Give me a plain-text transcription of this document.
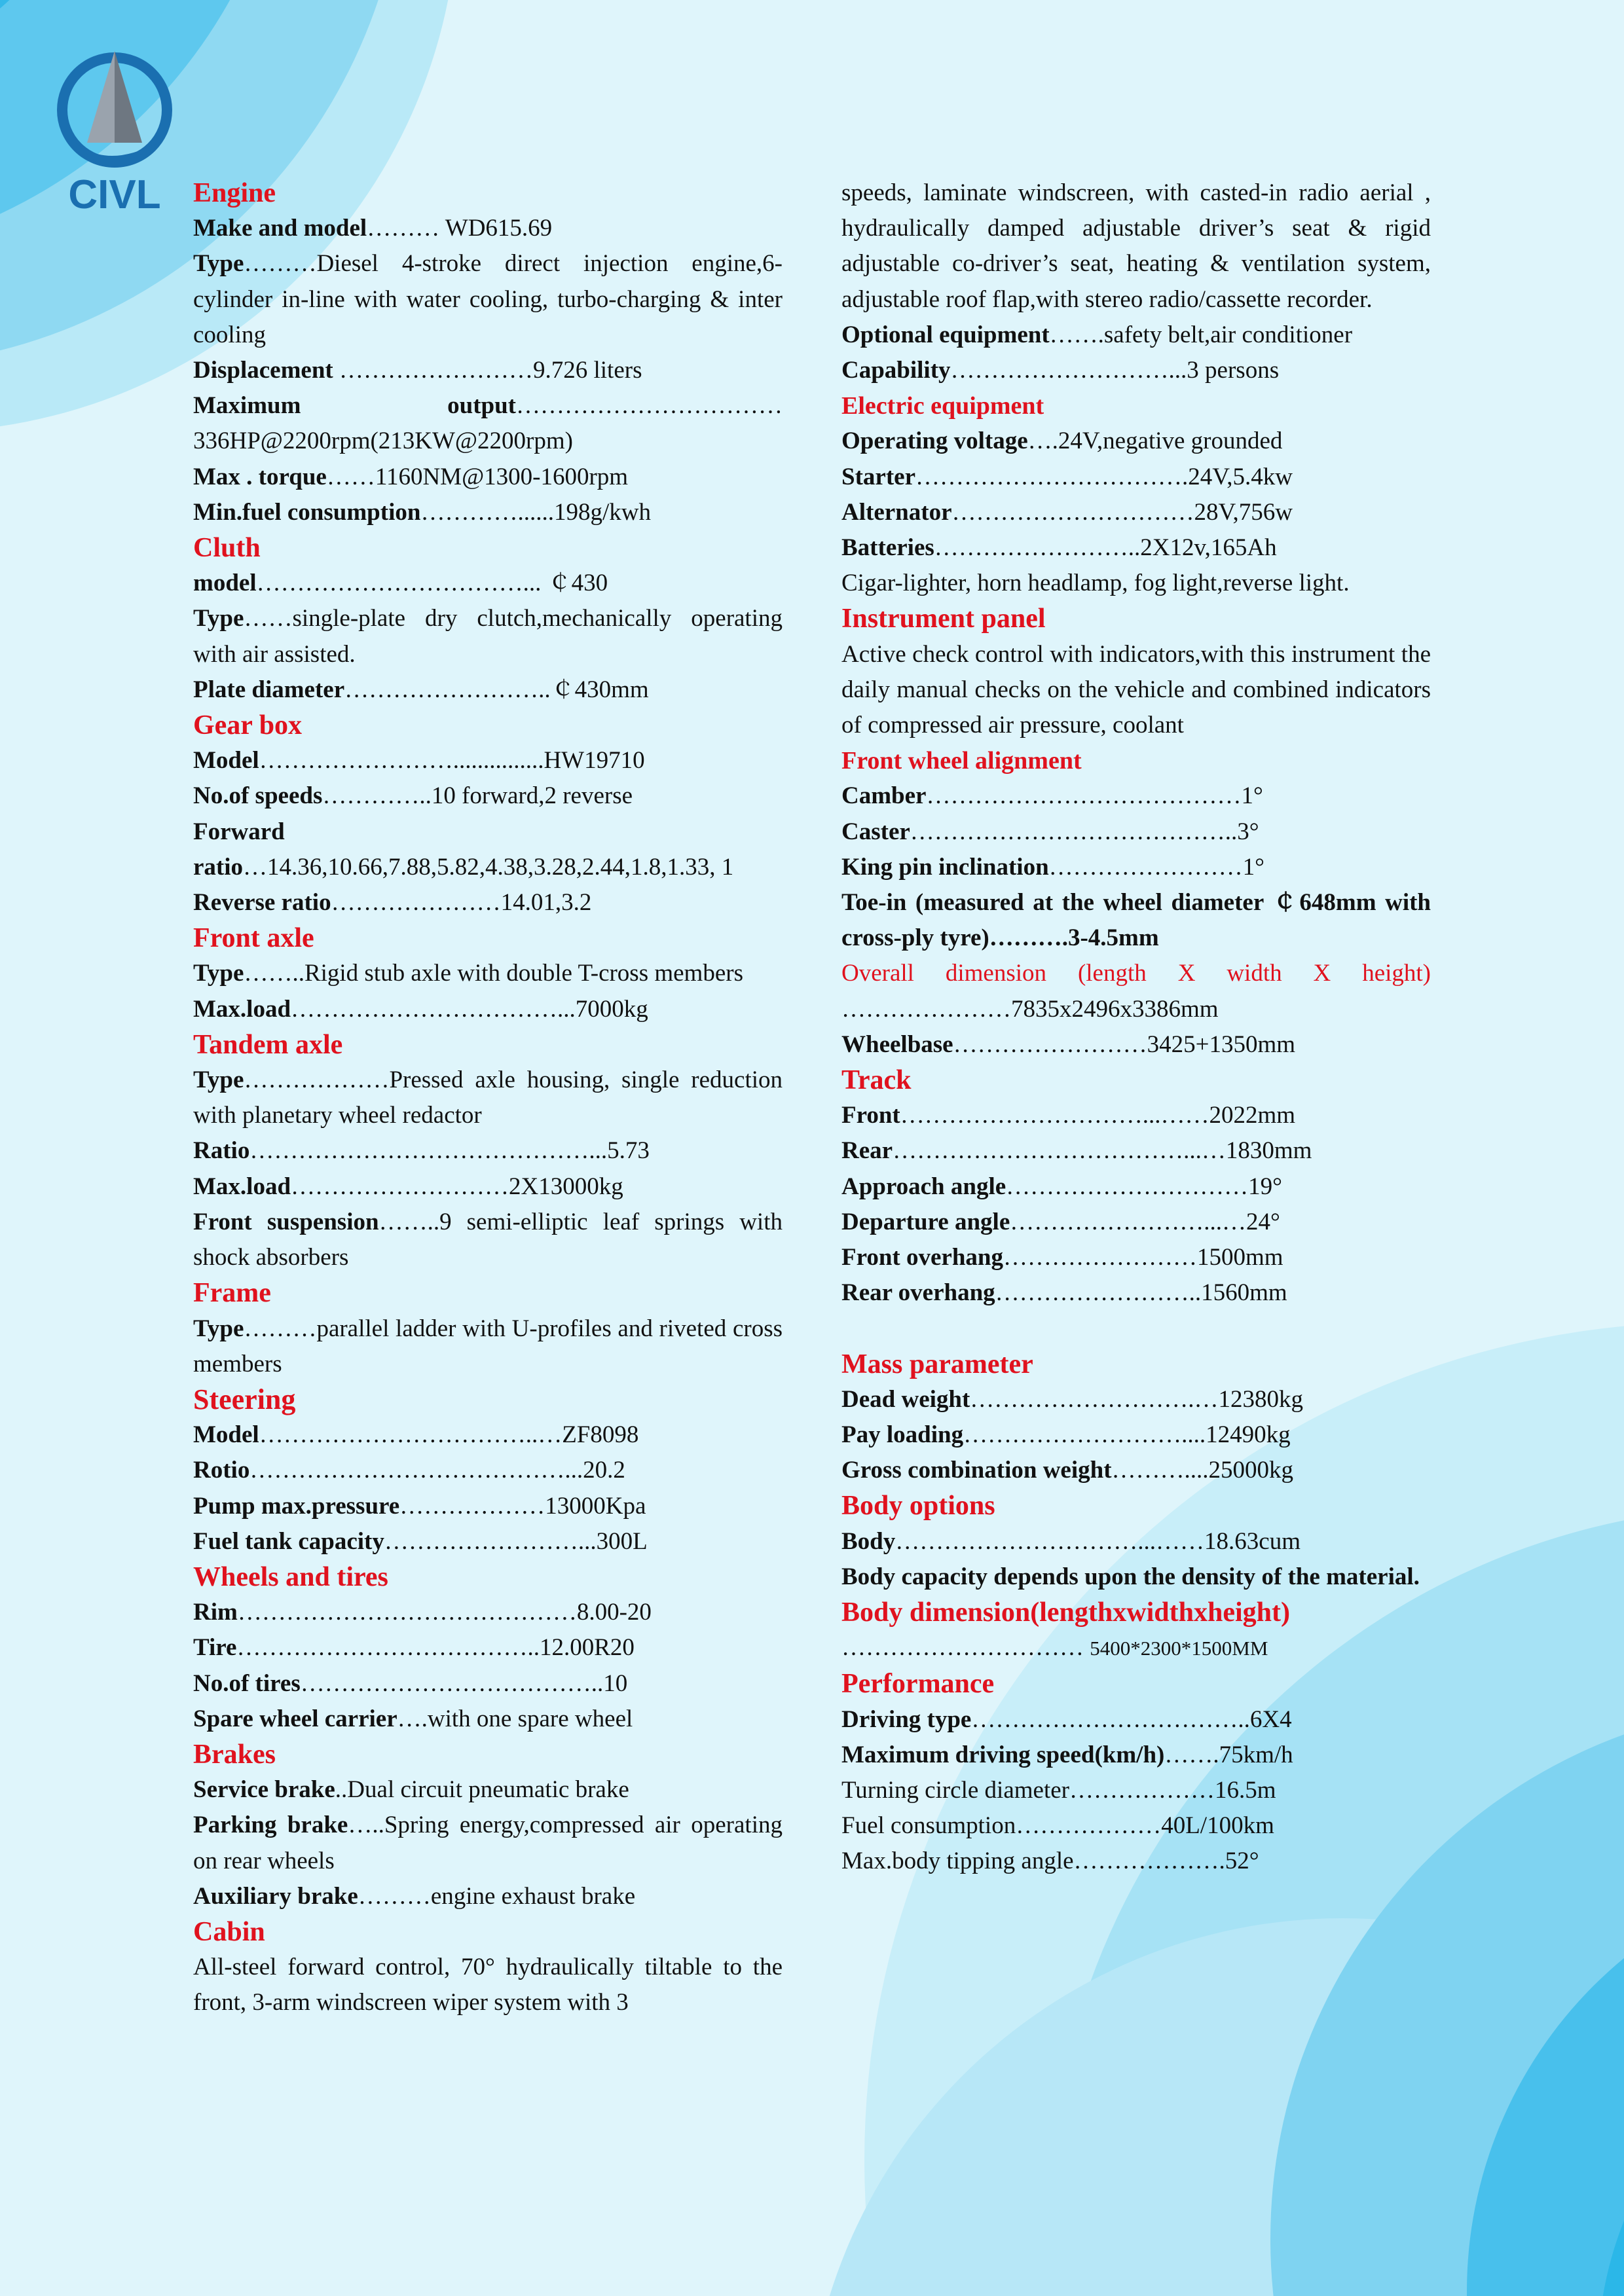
CIVL Engine

Make and model……… WD615.69

Type………Diesel 4-stroke direct injection engine,6-cylinder in-line with water cooling, turbo-charging & inter cooling

Displacement ……………………9.726 liters

Maximum output……………………………

336HP@2200rpm(213KW@2200rpm)

Max . torque……1160NM@1300-1600rpm

Min.fuel consumption…………......198g/kwh

Cluth

model……………………………... ￠430

Type……single-plate dry clutch,mechanically operating with air assisted.

Plate diameter……………………..￠430mm

Gear box

Model……………………...............HW19710

No.of speeds…………..10 forward,2 reverse

Forward

ratio…14.36,10.66,7.88,5.82,4.38,3.28,2.44,1.8,1.33, 1

Reverse ratio…………………14.01,3.2

Front axle

Type……..Rigid stub axle with double T-cross members

Max.load……………………………...7000kg

Tandem axle

Type………………Pressed axle housing, single reduction with planetary wheel redactor

Ratio……………………………………...5.73

Max.load………………………2X13000kg

Front suspension……..9 semi-elliptic leaf springs with shock absorbers

Frame

Type………parallel ladder with U-profiles and riveted cross members

Steering

Model……………………………..…ZF8098

Rotio…………………………………...20.2

Pump max.pressure………………13000Kpa

Fuel tank capacity……………………...300L

Wheels and tires

Rim……………………………………8.00-20

Tire………………………………..12.00R20

No.of tires………………………………..10

Spare wheel carrier….with one spare wheel

Brakes

Service brake..Dual circuit pneumatic brake

Parking brake…..Spring energy,compressed air operating on rear wheels

Auxiliary brake………engine exhaust brake

Cabin

All-steel forward control, 70° hydraulically tiltable to the front, 3-arm windscreen wiper system with 3

speeds, laminate windscreen, with casted-in radio aerial , hydraulically damped adjustable driver’s seat & rigid adjustable co-driver’s seat, heating & ventilation system, adjustable roof flap,with stereo radio/cassette recorder.

Optional equipment…….safety belt,air conditioner

Capability………………………...3 persons

Electric equipment

Operating voltage….24V,negative grounded

Starter…………………………….24V,5.4kw

Alternator…………………………28V,756w

Batteries……………………..2X12v,165Ah

Cigar-lighter, horn headlamp, fog light,reverse light.

Instrument panel

Active check control with indicators,with this instrument the daily manual checks on the vehicle and combined indicators of compressed air pressure, coolant

Front wheel alignment

Camber…………………………………1°

Caster…………………………………..3°

King pin inclination……………………1°

Toe-in (measured at the wheel diameter ￠648mm with cross-ply tyre)……….3-4.5mm

Overall dimension (length X width X height) …………………7835x2496x3386mm

Wheelbase……………………3425+1350mm

Track

Front…………………………...……2022mm

Rear………………………………...…1830mm

Approach angle…………………………19°

Departure angle……………………...…24°

Front overhang……………………1500mm

Rear overhang……………………..1560mm

Mass parameter

Dead weight……………………….…12380kg

Pay loading………………………....12490kg

Gross combination weight………....25000kg

Body options

Body…………………………...……18.63cum

Body capacity depends upon the density of the material.

Body dimension(lengthxwidthxheight)

………………………… 5400*2300*1500MM

Performance

Driving type……………………………..6X4

Maximum driving speed(km/h)…….75km/h

Turning circle diameter………………16.5m

Fuel consumption………………40L/100km

Max.body tipping angle……………….52°
